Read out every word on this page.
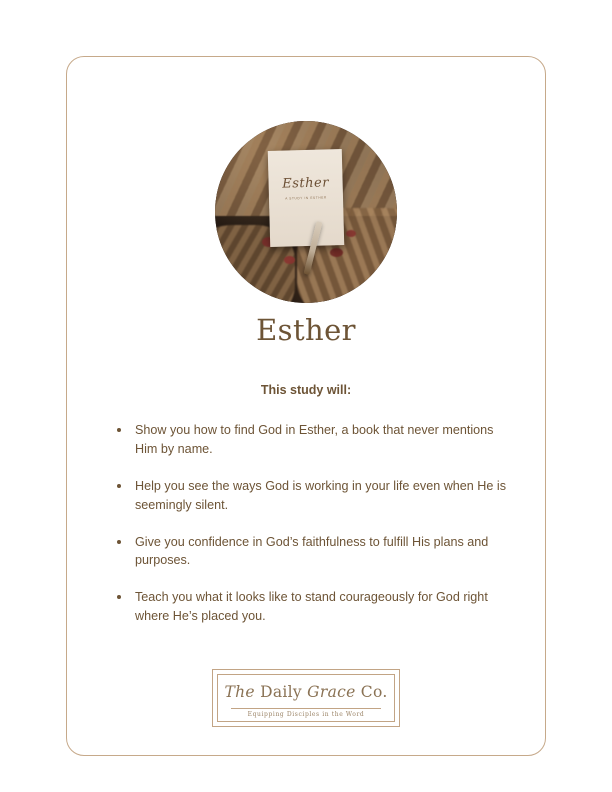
Esther
A STUDY IN ESTHER
Esther
This study will:
Show you how to find God in Esther, a book that never mentions Him by name.
Help you see the ways God is working in your life even when He is seemingly silent.
Give you confidence in God’s faithfulness to fulfill His plans and purposes.
Teach you what it looks like to stand courageously for God right where He’s placed you.
The Daily Grace Co.
Equipping Disciples in the Word
